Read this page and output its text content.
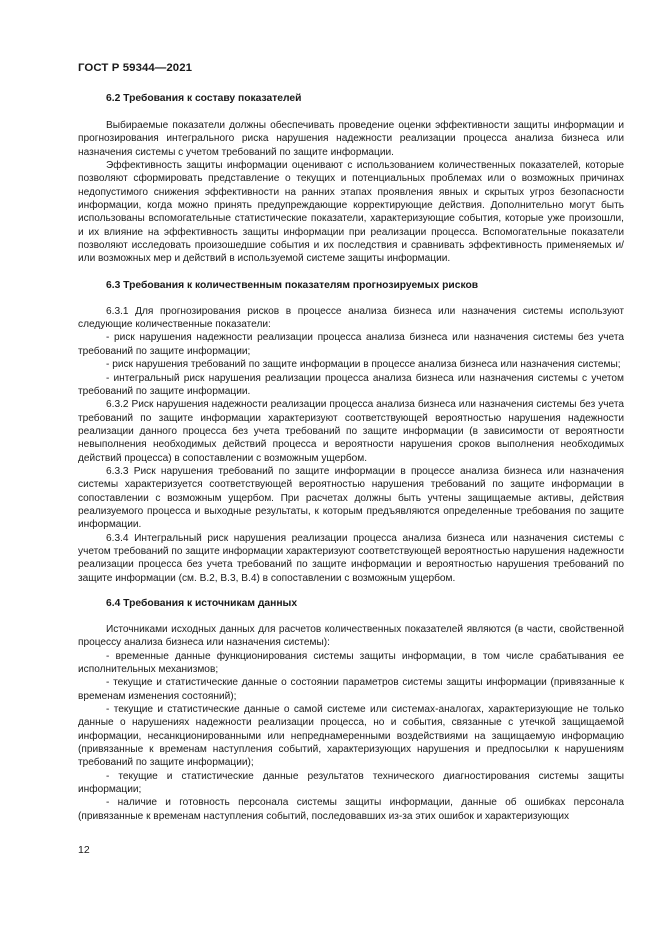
ГОСТ Р 59344—2021
6.2 Требования к составу показателей

Выбираемые показатели должны обеспечивать проведение оценки эффективности защиты информации и прогнозирования интегрального риска нарушения надежности реализации процесса анализа бизнеса или назначения системы с учетом требований по защите информации.

Эффективность защиты информации оценивают с использованием количественных показателей, которые позволяют сформировать представление о текущих и потенциальных проблемах или о возможных причинах недопустимого снижения эффективности на ранних этапах проявления явных и скрытых угроз безопасности информации, когда можно принять предупреждающие корректирующие действия. Дополнительно могут быть использованы вспомогательные статистические показатели, характеризующие события, которые уже произошли, и их влияние на эффективность защиты информации при реализации процесса. Вспомогательные показатели позволяют исследовать произошедшие события и их последствия и сравнивать эффективность применяемых и/или возможных мер и действий в используемой системе защиты информации.

6.3 Требования к количественным показателям прогнозируемых рисков

6.3.1 Для прогнозирования рисков в процессе анализа бизнеса или назначения системы используют следующие количественные показатели:

- риск нарушения надежности реализации процесса анализа бизнеса или назначения системы без учета требований по защите информации;

- риск нарушения требований по защите информации в процессе анализа бизнеса или назначения системы;

- интегральный риск нарушения реализации процесса анализа бизнеса или назначения системы с учетом требований по защите информации.

6.3.2 Риск нарушения надежности реализации процесса анализа бизнеса или назначения системы без учета требований по защите информации характеризуют соответствующей вероятностью нарушения надежности реализации данного процесса без учета требований по защите информации (в зависимости от вероятности невыполнения необходимых действий процесса и вероятности нарушения сроков выполнения необходимых действий процесса) в сопоставлении с возможным ущербом.

6.3.3 Риск нарушения требований по защите информации в процессе анализа бизнеса или назначения системы характеризуется соответствующей вероятностью нарушения требований по защите информации в сопоставлении с возможным ущербом. При расчетах должны быть учтены защищаемые активы, действия реализуемого процесса и выходные результаты, к которым предъявляются определенные требования по защите информации.

6.3.4 Интегральный риск нарушения реализации процесса анализа бизнеса или назначения системы с учетом требований по защите информации характеризуют соответствующей вероятностью нарушения надежности реализации процесса без учета требований по защите информации и вероятностью нарушения требований по защите информации (см. В.2, В.3, В.4) в сопоставлении с возможным ущербом.

6.4 Требования к источникам данных

Источниками исходных данных для расчетов количественных показателей являются (в части, свойственной процессу анализа бизнеса или назначения системы):

- временные данные функционирования системы защиты информации, в том числе срабатывания ее исполнительных механизмов;

- текущие и статистические данные о состоянии параметров системы защиты информации (привязанные к временам изменения состояний);

- текущие и статистические данные о самой системе или системах-аналогах, характеризующие не только данные о нарушениях надежности реализации процесса, но и события, связанные с утечкой защищаемой информации, несанкционированными или непреднамеренными воздействиями на защищаемую информацию (привязанные к временам наступления событий, характеризующих нарушения и предпосылки к нарушениям требований по защите информации);

- текущие и статистические данные результатов технического диагностирования системы защиты информации;

- наличие и готовность персонала системы защиты информации, данные об ошибках персонала (привязанные к временам наступления событий, последовавших из-за этих ошибок и характеризующих

12
